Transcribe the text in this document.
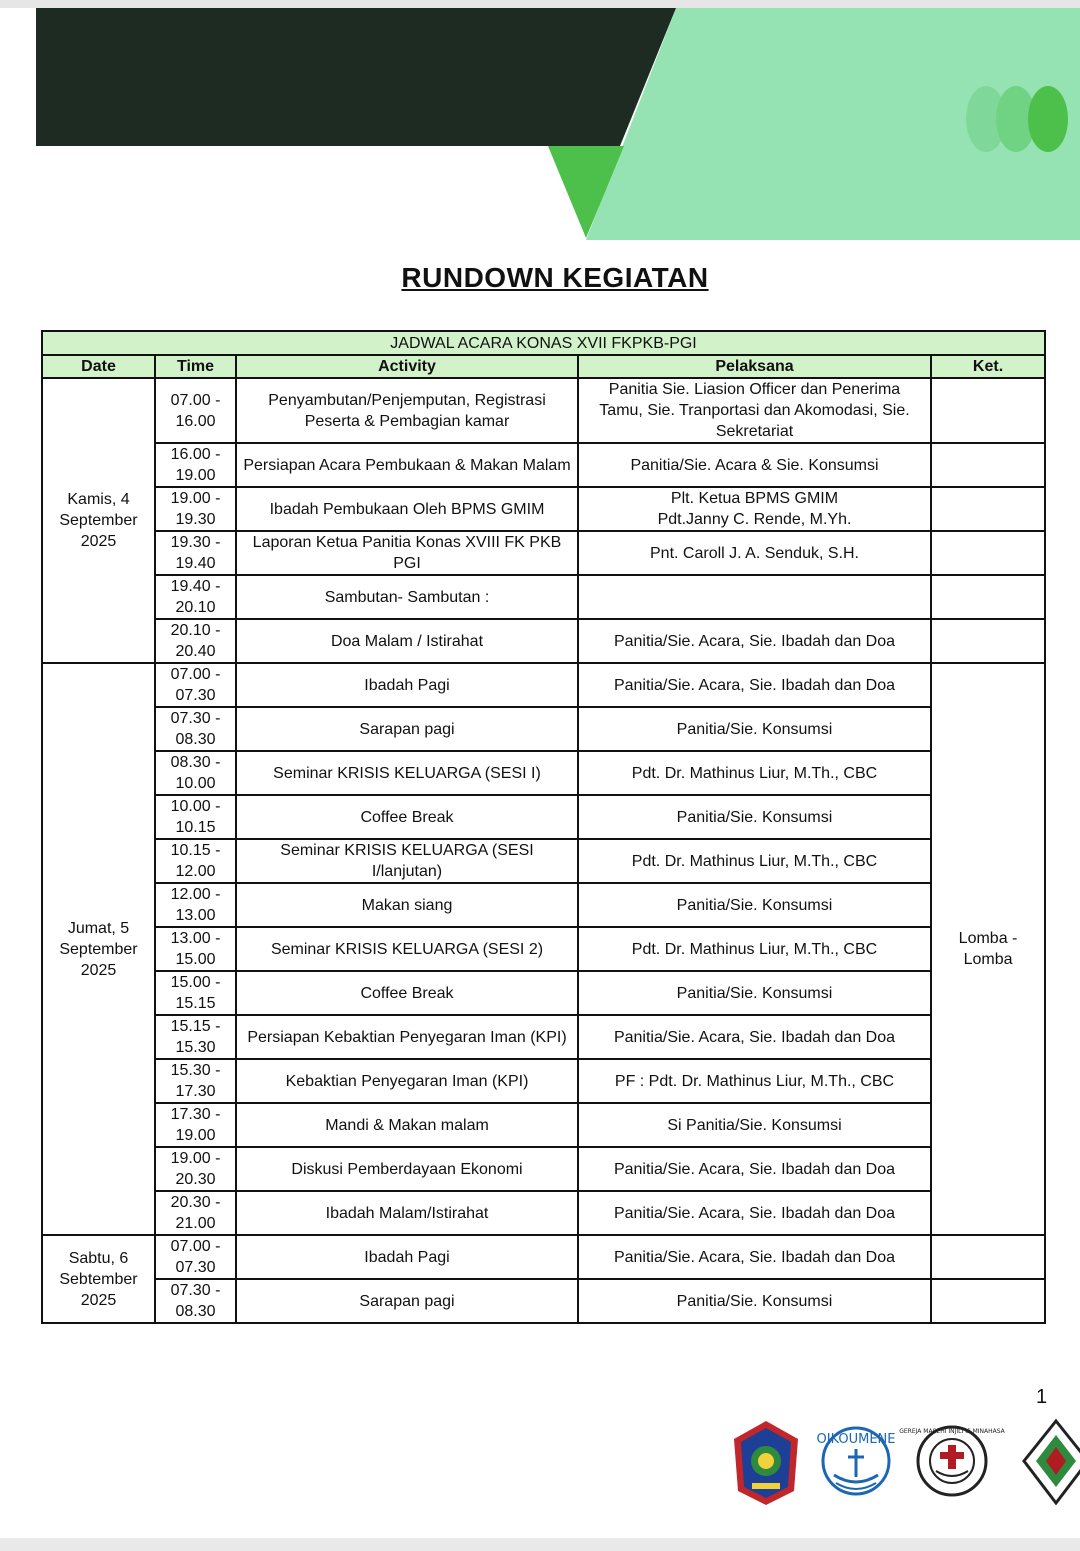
RUNDOWN KEGIATAN
JADWAL ACARA KONAS XVII FKPKB-PGI				
Date	Time	Activity	Pelaksana	Ket.
Kamis, 4 September 2025	07.00 - 16.00	Penyambutan/Penjemputan, Registrasi Peserta & Pembagian kamar	Panitia Sie. Liasion Officer dan Penerima Tamu, Sie. Tranportasi dan Akomodasi, Sie. Sekretariat	

	16.00 - 19.00	Persiapan Acara Pembukaan & Makan Malam	Panitia/Sie. Acara & Sie. Konsumsi	

	19.00 - 19.30	Ibadah Pembukaan Oleh BPMS GMIM	Plt. Ketua BPMS GMIM
Pdt.Janny C. Rende, M.Yh.	

	19.30 - 19.40	Laporan Ketua Panitia Konas XVIII FK PKB PGI	Pnt. Caroll J. A. Senduk, S.H.	

	19.40 - 20.10	Sambutan- Sambutan :	

	20.10 - 20.40	Doa Malam / Istirahat	Panitia/Sie. Acara, Sie. Ibadah dan Doa	

Jumat, 5 September 2025	07.00 - 07.30	Ibadah Pagi	Panitia/Sie. Acara, Sie. Ibadah dan Doa	Lomba - Lomba
	07.30 - 08.30	Sarapan pagi	Panitia/Sie. Konsumsi	

	08.30 - 10.00	Seminar KRISIS KELUARGA (SESI I)	Pdt. Dr. Mathinus Liur, M.Th., CBC	

	10.00 - 10.15	Coffee Break	Panitia/Sie. Konsumsi	

	10.15 - 12.00	Seminar KRISIS KELUARGA (SESI I/lanjutan)	Pdt. Dr. Mathinus Liur, M.Th., CBC	

	12.00 - 13.00	Makan siang	Panitia/Sie. Konsumsi	

	13.00 - 15.00	Seminar KRISIS KELUARGA (SESI 2)	Pdt. Dr. Mathinus Liur, M.Th., CBC	

	15.00 - 15.15	Coffee Break	Panitia/Sie. Konsumsi	

	15.15 - 15.30	Persiapan Kebaktian Penyegaran Iman (KPI)	Panitia/Sie. Acara, Sie. Ibadah dan Doa	

	15.30 - 17.30	Kebaktian Penyegaran Iman (KPI)	PF : Pdt. Dr. Mathinus Liur, M.Th., CBC	

	17.30 - 19.00	Mandi & Makan malam	Si Panitia/Sie. Konsumsi	

	19.00 - 20.30	Diskusi Pemberdayaan Ekonomi	Panitia/Sie. Acara, Sie. Ibadah dan Doa	

	20.30 - 21.00	Ibadah Malam/Istirahat	Panitia/Sie. Acara, Sie. Ibadah dan Doa	

Sabtu, 6 Sebtember 2025	07.00 - 07.30	Ibadah Pagi	Panitia/Sie. Acara, Sie. Ibadah dan Doa	

	07.30 - 08.30	Sarapan pagi	Panitia/Sie. Konsumsi	

1
OIKOUMENE
GEREJA MASEHI INJILI di MINAHASA
